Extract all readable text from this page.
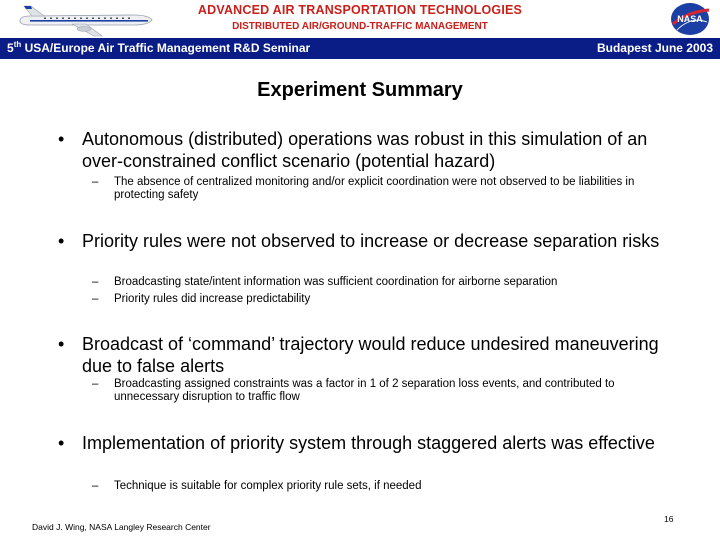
ADVANCED AIR TRANSPORTATION TECHNOLOGIES
DISTRIBUTED AIR/GROUND-TRAFFIC MANAGEMENT
NASA
5th USA/Europe Air Traffic Management R&D Seminar	Budapest June 2003
Experiment Summary
• Autonomous (distributed) operations was robust in this simulation of an over-constrained conflict scenario (potential hazard)
– The absence of centralized monitoring and/or explicit coordination were not observed to be liabilities in protecting safety
• Priority rules were not observed to increase or decrease separation risks
– Broadcasting state/intent information was sufficient coordination for airborne separation
– Priority rules did increase predictability
• Broadcast of ‘command’ trajectory would reduce undesired maneuvering due to false alerts
– Broadcasting assigned constraints was a factor in 1 of 2 separation loss events, and contributed to unnecessary disruption to traffic flow
• Implementation of priority system through staggered alerts was effective
– Technique is suitable for complex priority rule sets, if needed
David J. Wing, NASA Langley Research Center
16
